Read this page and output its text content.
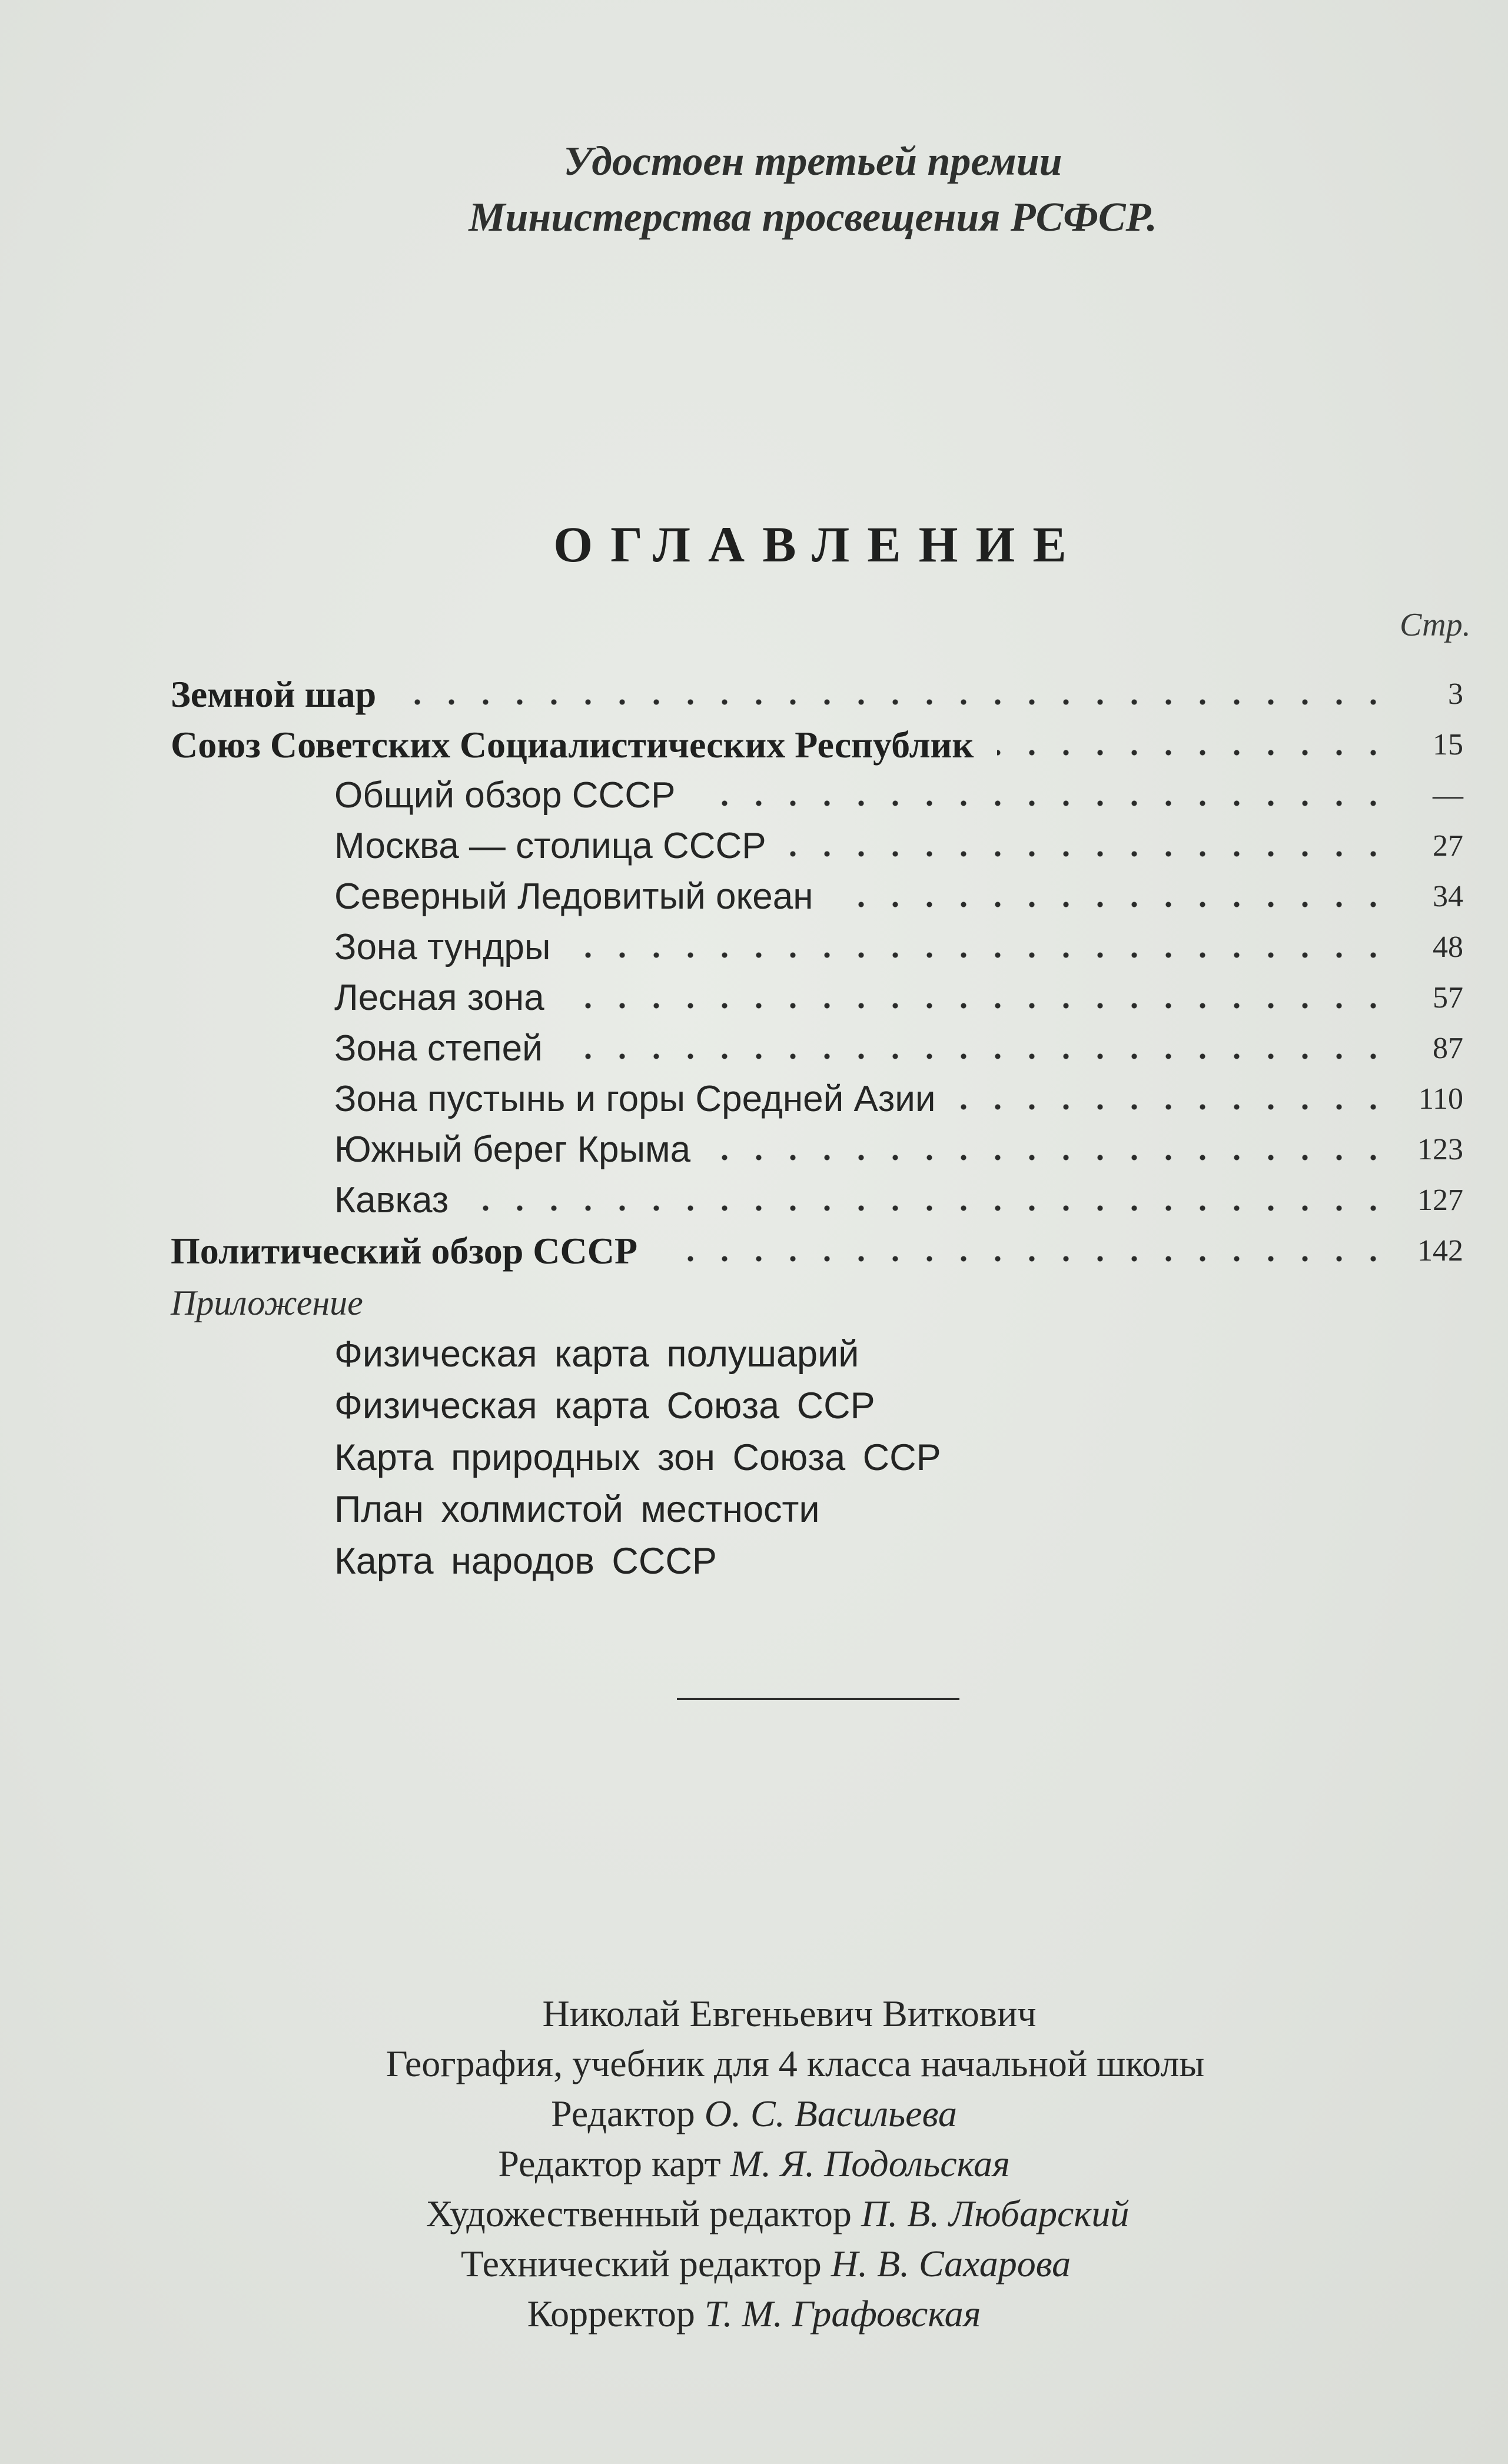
Удостоен третьей премии
Министерства просвещения РСФСР.
ОГЛАВЛЕНИЕ
Стр.
Земной шар	3
Союз Советских Социалистических Республик	15
Общий обзор СССР	—
Москва — столица СССР	27
Северный Ледовитый океан	34
Зона тундры	48
Лесная зона	57
Зона степей	87
Зона пустынь и горы Средней Азии	110
Южный берег Крыма	123
Кавказ	127
Политический обзор СССР	142
Приложение
Физическая карта полушарий
Физическая карта Союза ССР
Карта природных зон Союза ССР
План холмистой местности
Карта народов СССР
Николай Евгеньевич Виткович
География, учебник для 4 класса начальной школы
Редактор О. С. Васильева
Редактор карт М. Я. Подольская
Художественный редактор П. В. Любарский
Технический редактор Н. В. Сахарова
Корректор Т. М. Графовская
